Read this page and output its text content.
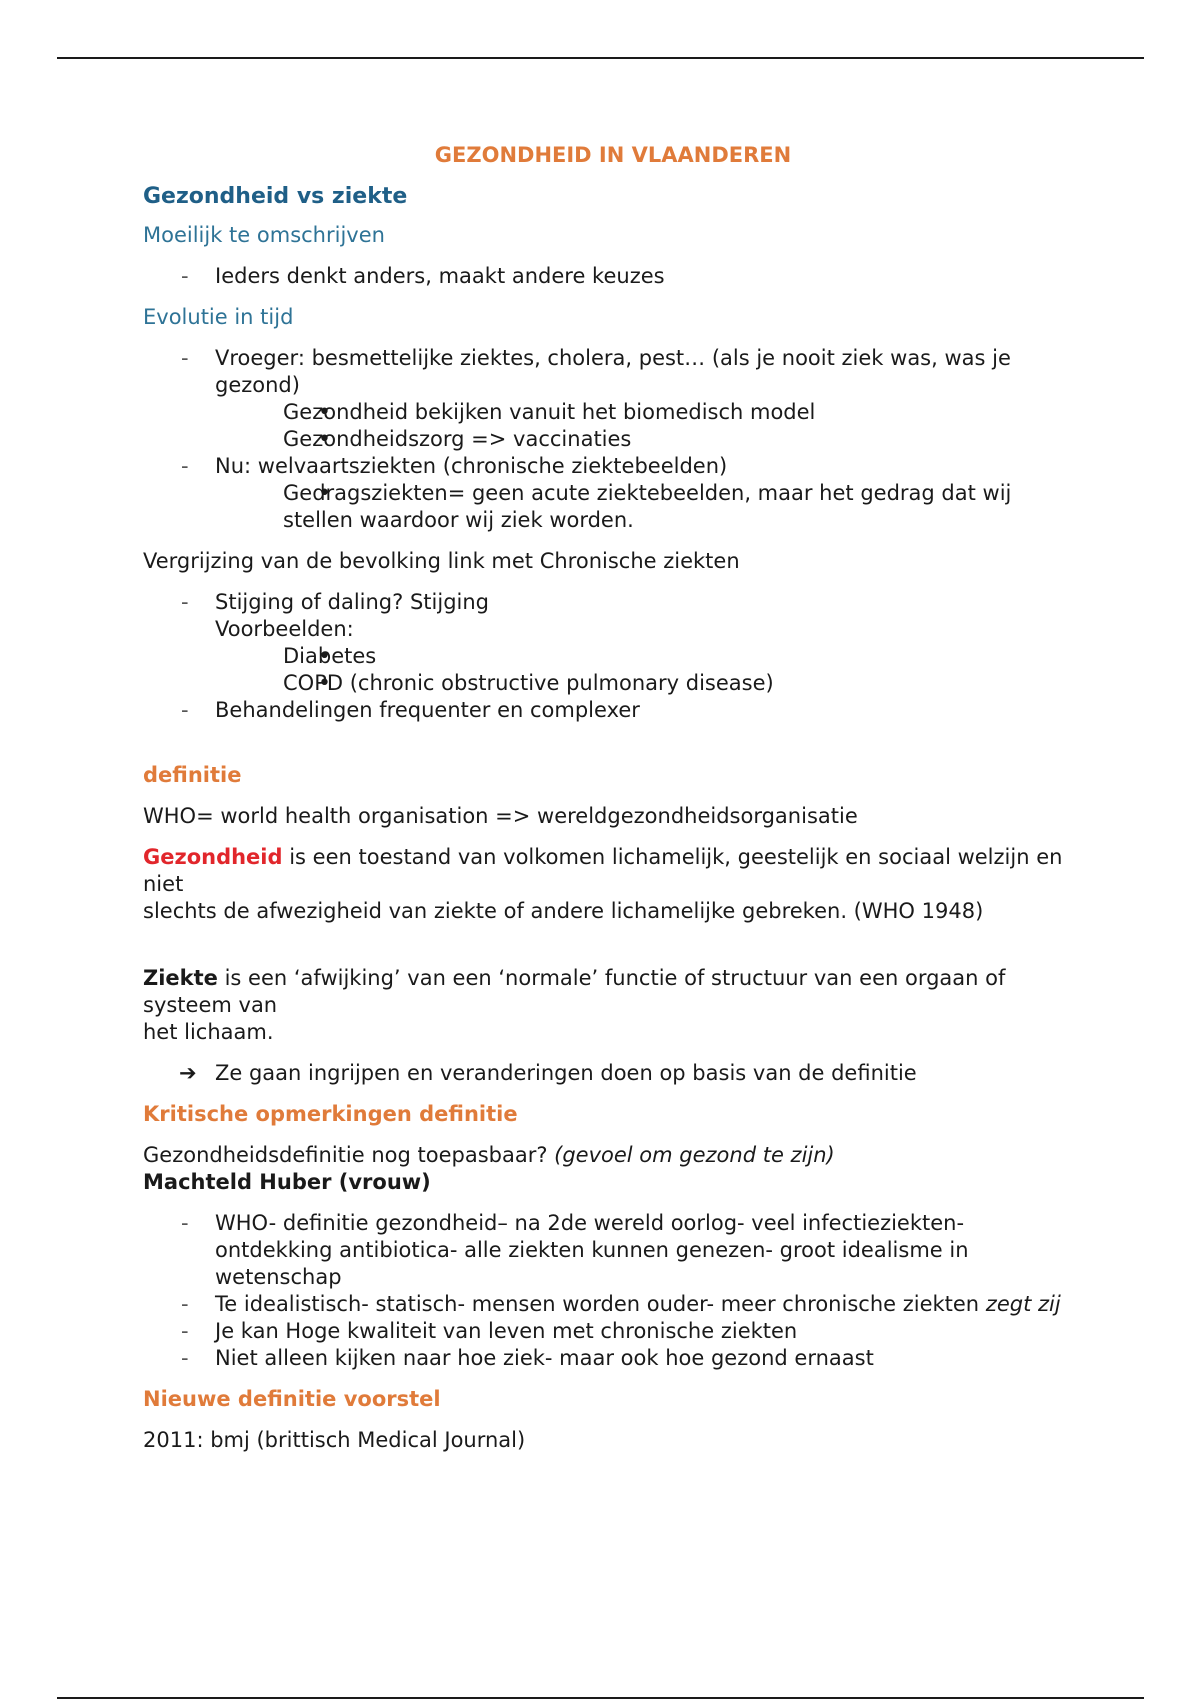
GEZONDHEID IN VLAANDEREN
Gezondheid vs ziekte
Moeilijk te omschrijven
- Ieders denkt anders, maakt andere keuzes
Evolutie in tijd
- Vroeger: besmettelijke ziektes, cholera, pest… (als je nooit ziek was, was je gezond)
• Gezondheid bekijken vanuit het biomedisch model
• Gezondheidszorg => vaccinaties
- Nu: welvaartsziekten (chronische ziektebeelden)
• Gedragsziekten= geen acute ziektebeelden, maar het gedrag dat wij stellen waardoor wij ziek worden.

Vergrijzing van de bevolking link met Chronische ziekten

- Stijging of daling? Stijging
Voorbeelden:
• Diabetes
• COPD (chronic obstructive pulmonary disease)
- Behandelingen frequenter en complexer
definitie

WHO= world health organisation => wereldgezondheidsorganisatie

Gezondheid is een toestand van volkomen lichamelijk, geestelijk en sociaal welzijn en niet
slechts de afwezigheid van ziekte of andere lichamelijke gebreken. (WHO 1948)

Ziekte is een ‘afwijking’ van een ‘normale’ functie of structuur van een orgaan of systeem van
het lichaam.

➔ Ze gaan ingrijpen en veranderingen doen op basis van de definitie
Kritische opmerkingen definitie

Gezondheidsdefinitie nog toepasbaar? (gevoel om gezond te zijn)
Machteld Huber (vrouw)

- WHO- definitie gezondheid– na 2de wereld oorlog- veel infectieziekten- ontdekking antibiotica- alle ziekten kunnen genezen- groot idealisme in wetenschap
- Te idealistisch- statisch- mensen worden ouder- meer chronische ziekten zegt zij
- Je kan Hoge kwaliteit van leven met chronische ziekten
- Niet alleen kijken naar hoe ziek- maar ook hoe gezond ernaast
Nieuwe definitie voorstel

2011: bmj (brittisch Medical Journal)
